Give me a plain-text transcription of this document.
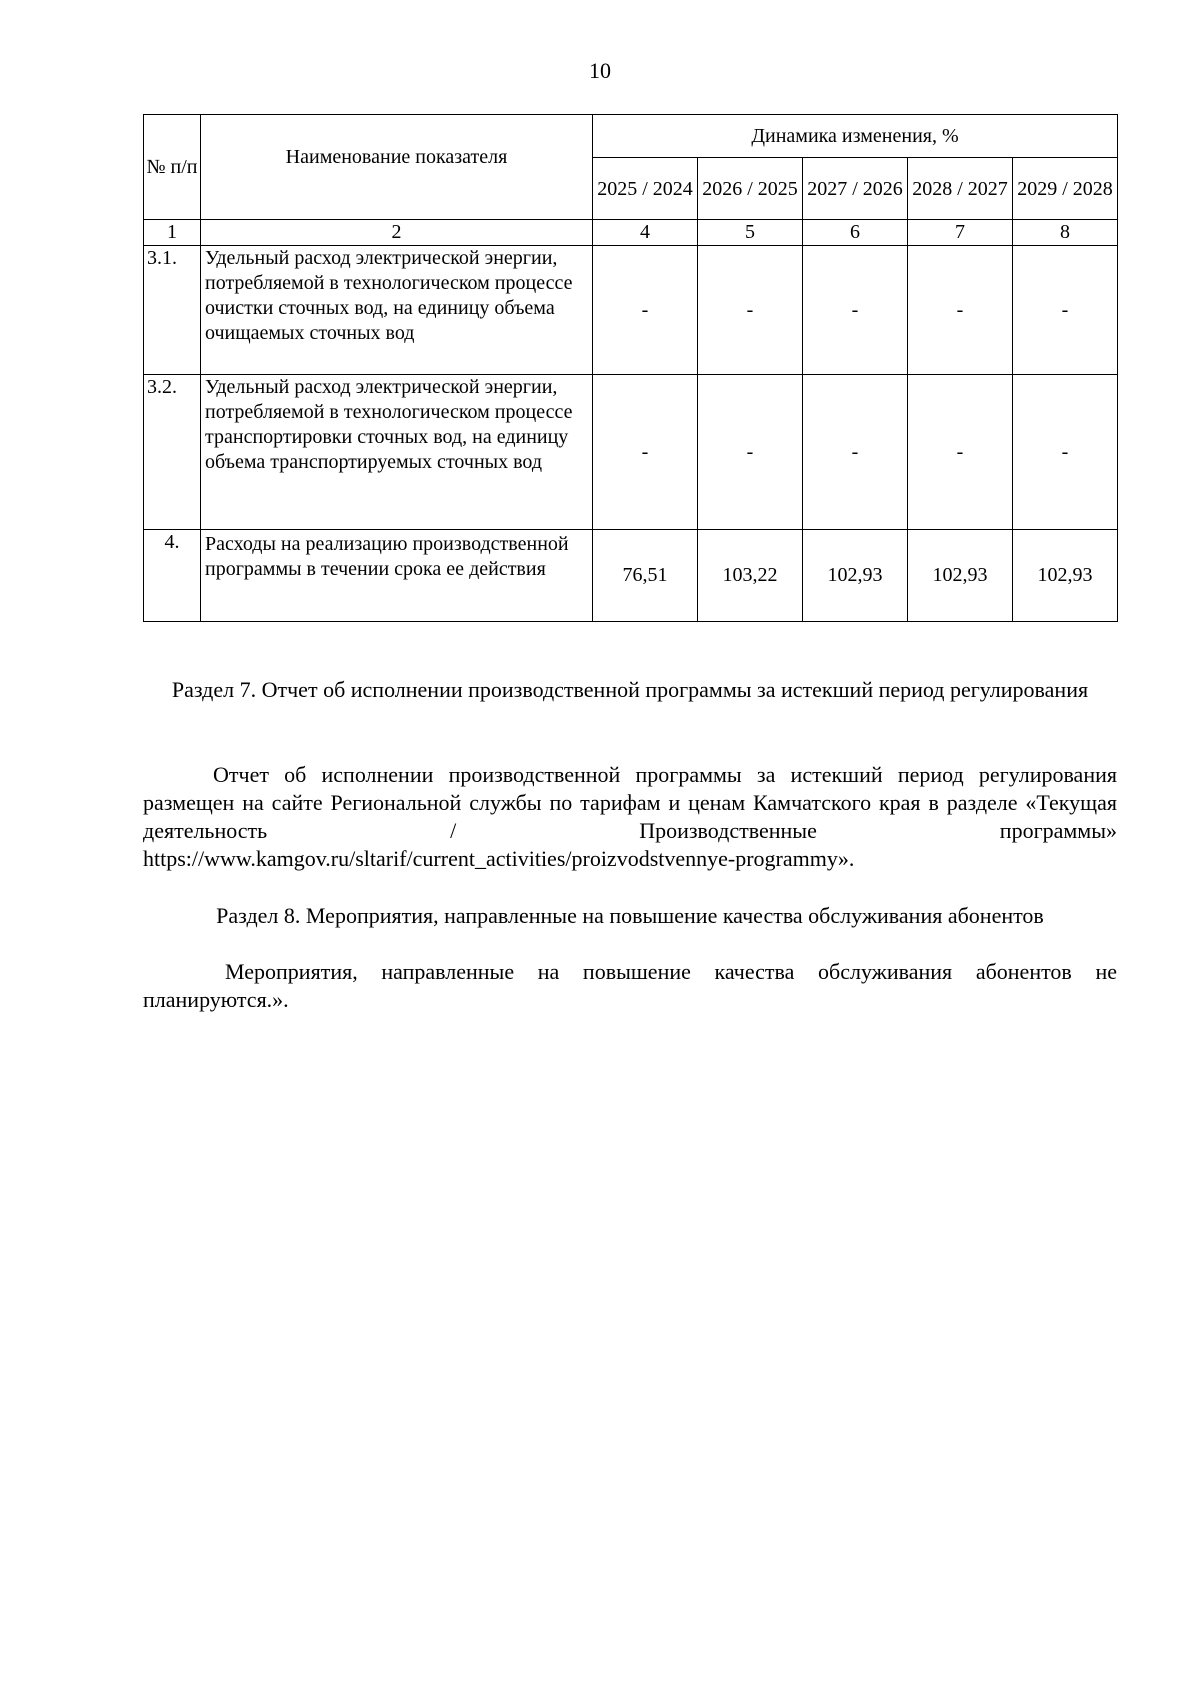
10
№ п/п	Наименование показателя	Динамика изменения, %				
		2025 / 2024	2026 / 2025	2027 / 2026	2028 / 2027	2029 / 2028
1	2	4	5	6	7	8
3.1.	Удельный расход электрической энергии, потребляемой в технологическом процессе очистки сточных вод, на единицу объема очищаемых сточных вод	-	-	-	-	-
3.2.	Удельный расход электрической энергии, потребляемой в технологическом процессе транспортировки сточных вод, на единицу объема транспортируемых сточных вод	-	-	-	-	-
4.	Расходы на реализацию производственной программы в течении срока ее действия	76,51	103,22	102,93	102,93	102,93
Раздел 7. Отчет об исполнении производственной программы за истекший период регулирования
Отчет об исполнении производственной программы за истекший период регулирования размещен на сайте Региональной службы по тарифам и ценам Камчатского края в разделе «Текущая деятельность / Производственные программы» https://www.kamgov.ru/sltarif/current_activities/proizvodstvennye-programmy».
Раздел 8. Мероприятия, направленные на повышение качества обслуживания абонентов
Мероприятия, направленные на повышение качества обслуживания абонентов не планируются.».
